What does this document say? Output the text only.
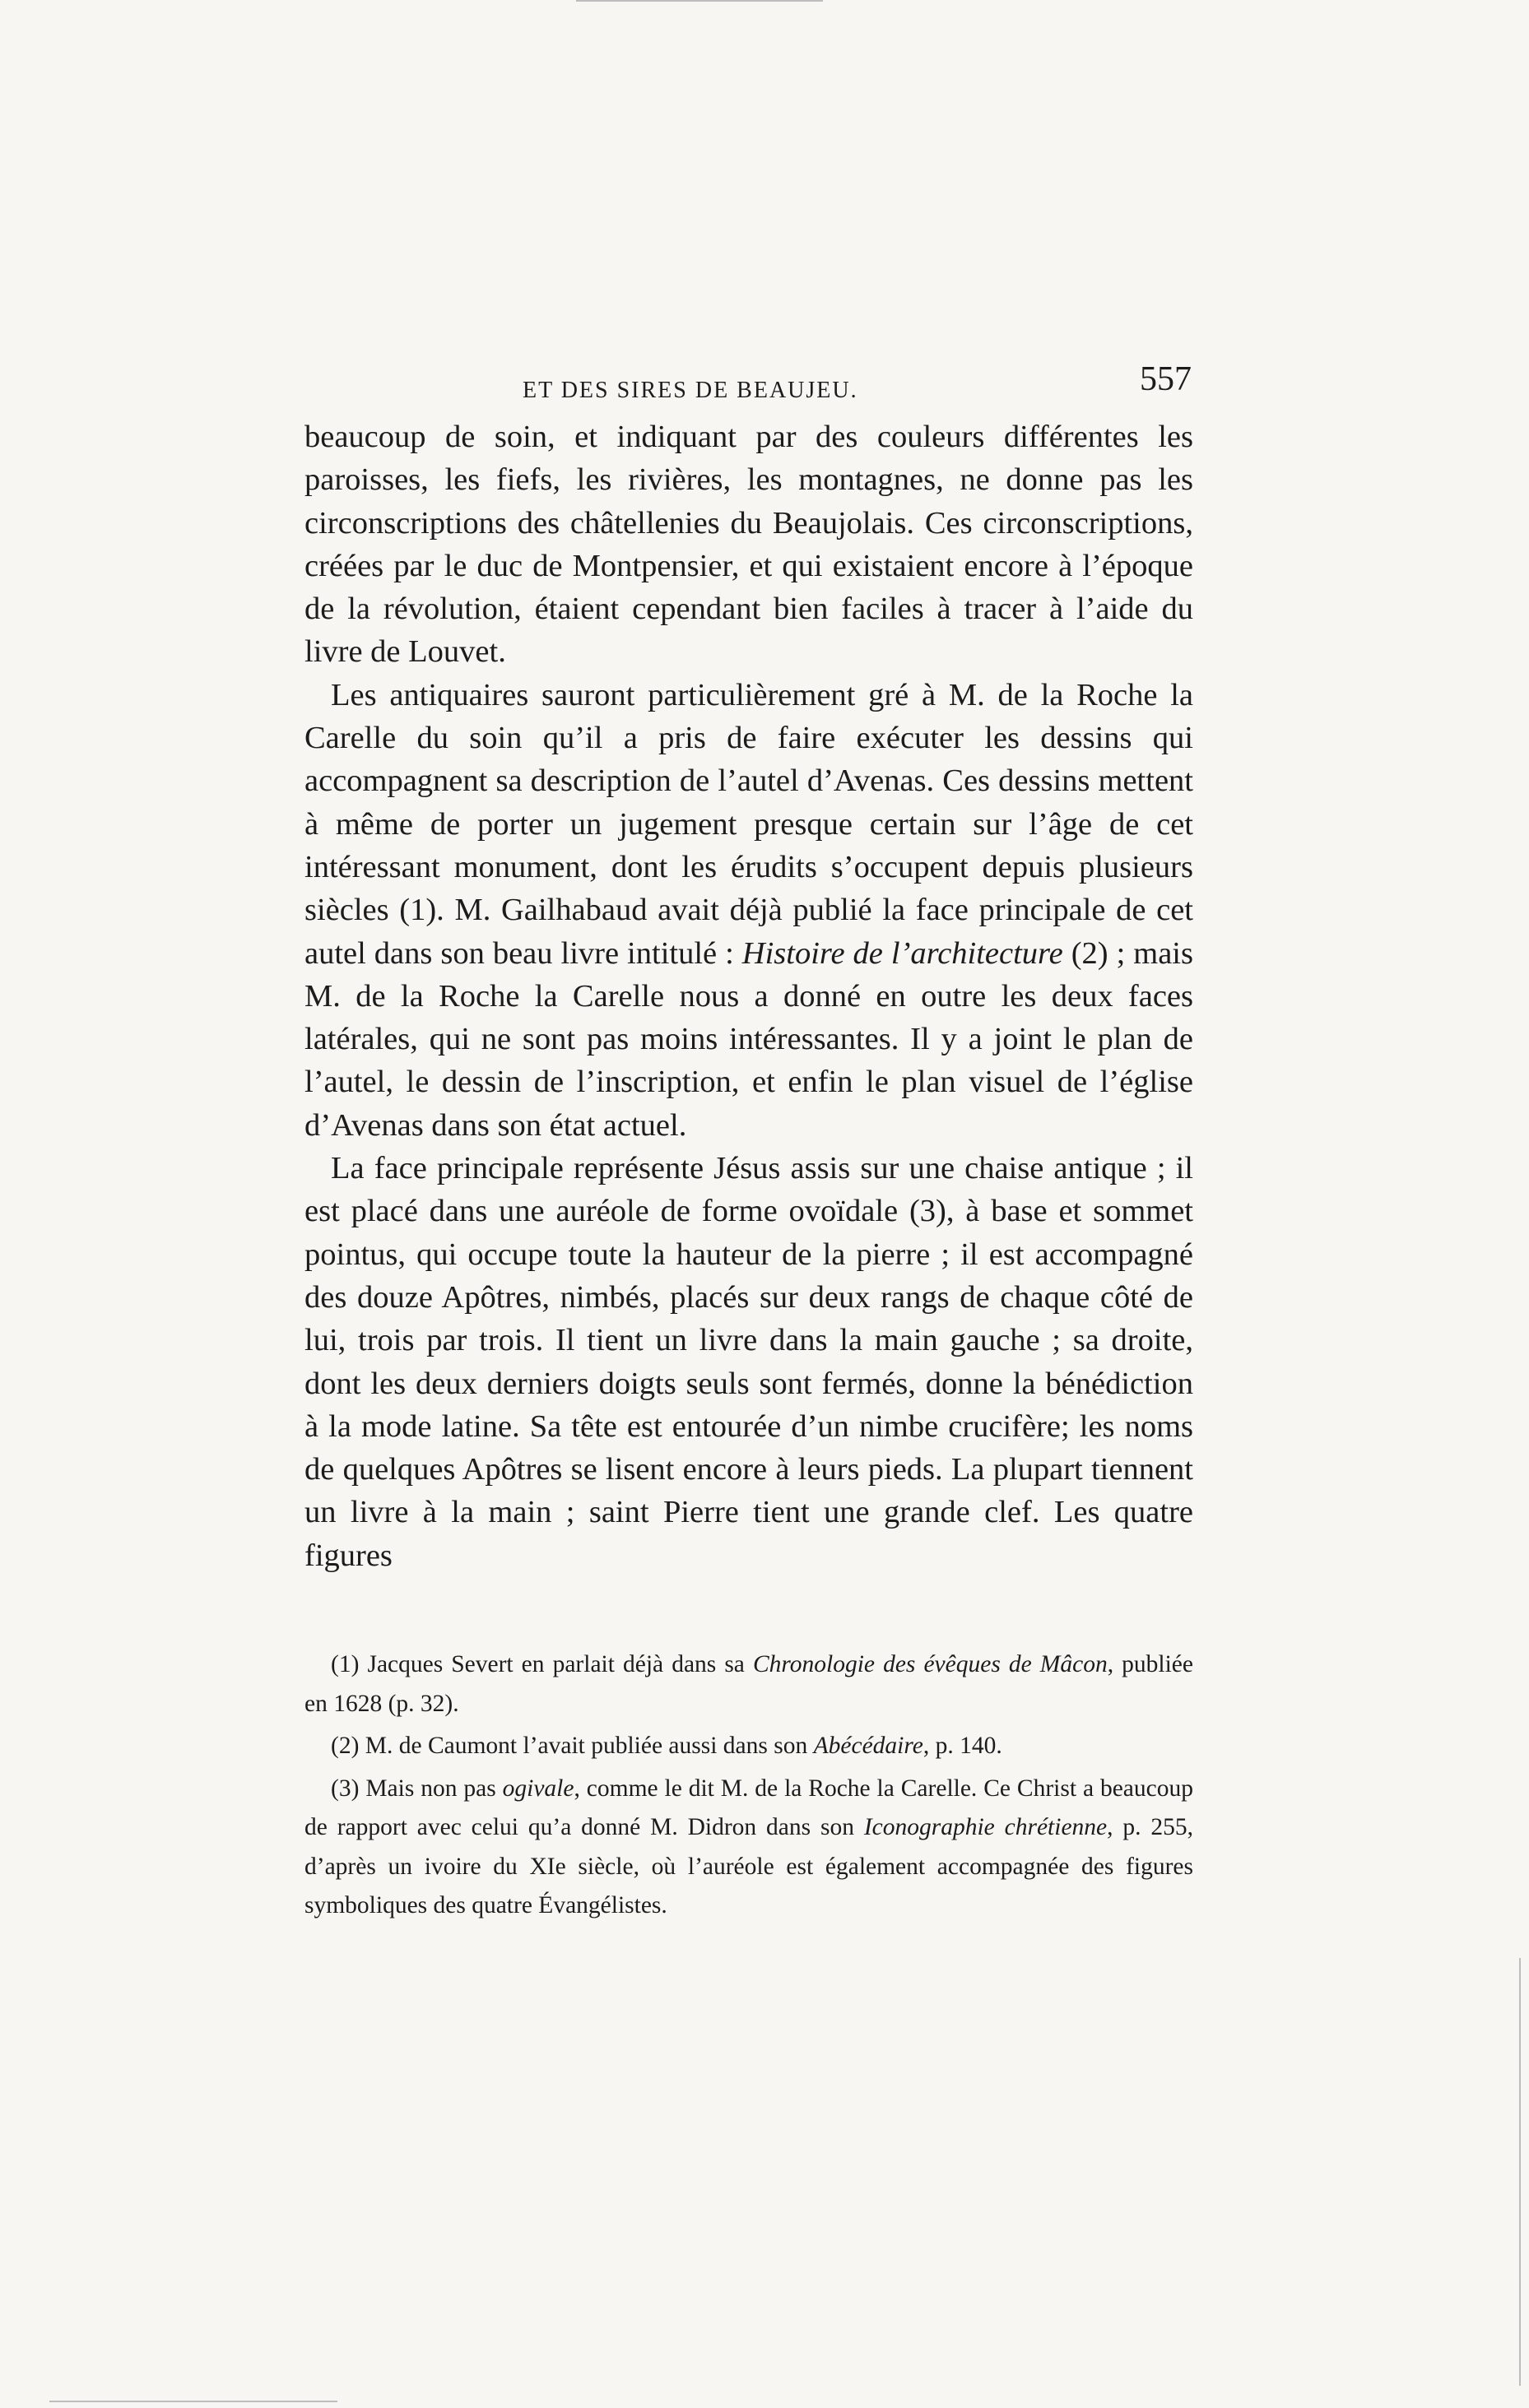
ET DES SIRES DE BEAUJEU.	557

beaucoup de soin, et indiquant par des couleurs différentes les paroisses, les fiefs, les rivières, les montagnes, ne donne pas les circonscriptions des châtellenies du Beaujolais. Ces circonscriptions, créées par le duc de Montpensier, et qui existaient encore à l’époque de la révolution, étaient cependant bien faciles à tracer à l’aide du livre de Louvet.

Les antiquaires sauront particulièrement gré à M. de la Roche la Carelle du soin qu’il a pris de faire exécuter les dessins qui accompagnent sa description de l’autel d’Avenas. Ces dessins mettent à même de porter un jugement presque certain sur l’âge de cet intéressant monument, dont les érudits s’occupent depuis plusieurs siècles (1). M. Gailhabaud avait déjà publié la face principale de cet autel dans son beau livre intitulé : Histoire de l’architecture (2) ; mais M. de la Roche la Carelle nous a donné en outre les deux faces latérales, qui ne sont pas moins intéressantes. Il y a joint le plan de l’autel, le dessin de l’inscription, et enfin le plan visuel de l’église d’Avenas dans son état actuel.

La face principale représente Jésus assis sur une chaise antique ; il est placé dans une auréole de forme ovoïdale (3), à base et sommet pointus, qui occupe toute la hauteur de la pierre ; il est accompagné des douze Apôtres, nimbés, placés sur deux rangs de chaque côté de lui, trois par trois. Il tient un livre dans la main gauche ; sa droite, dont les deux derniers doigts seuls sont fermés, donne la bénédiction à la mode latine. Sa tête est entourée d’un nimbe crucifère; les noms de quelques Apôtres se lisent encore à leurs pieds. La plupart tiennent un livre à la main ; saint Pierre tient une grande clef. Les quatre figures

(1) Jacques Severt en parlait déjà dans sa Chronologie des évêques de Mâcon, publiée en 1628 (p. 32).

(2) M. de Caumont l’avait publiée aussi dans son Abécédaire, p. 140.

(3) Mais non pas ogivale, comme le dit M. de la Roche la Carelle. Ce Christ a beaucoup de rapport avec celui qu’a donné M. Didron dans son Iconographie chrétienne, p. 255, d’après un ivoire du XIe siècle, où l’auréole est également accompagnée des figures symboliques des quatre Évangélistes.
